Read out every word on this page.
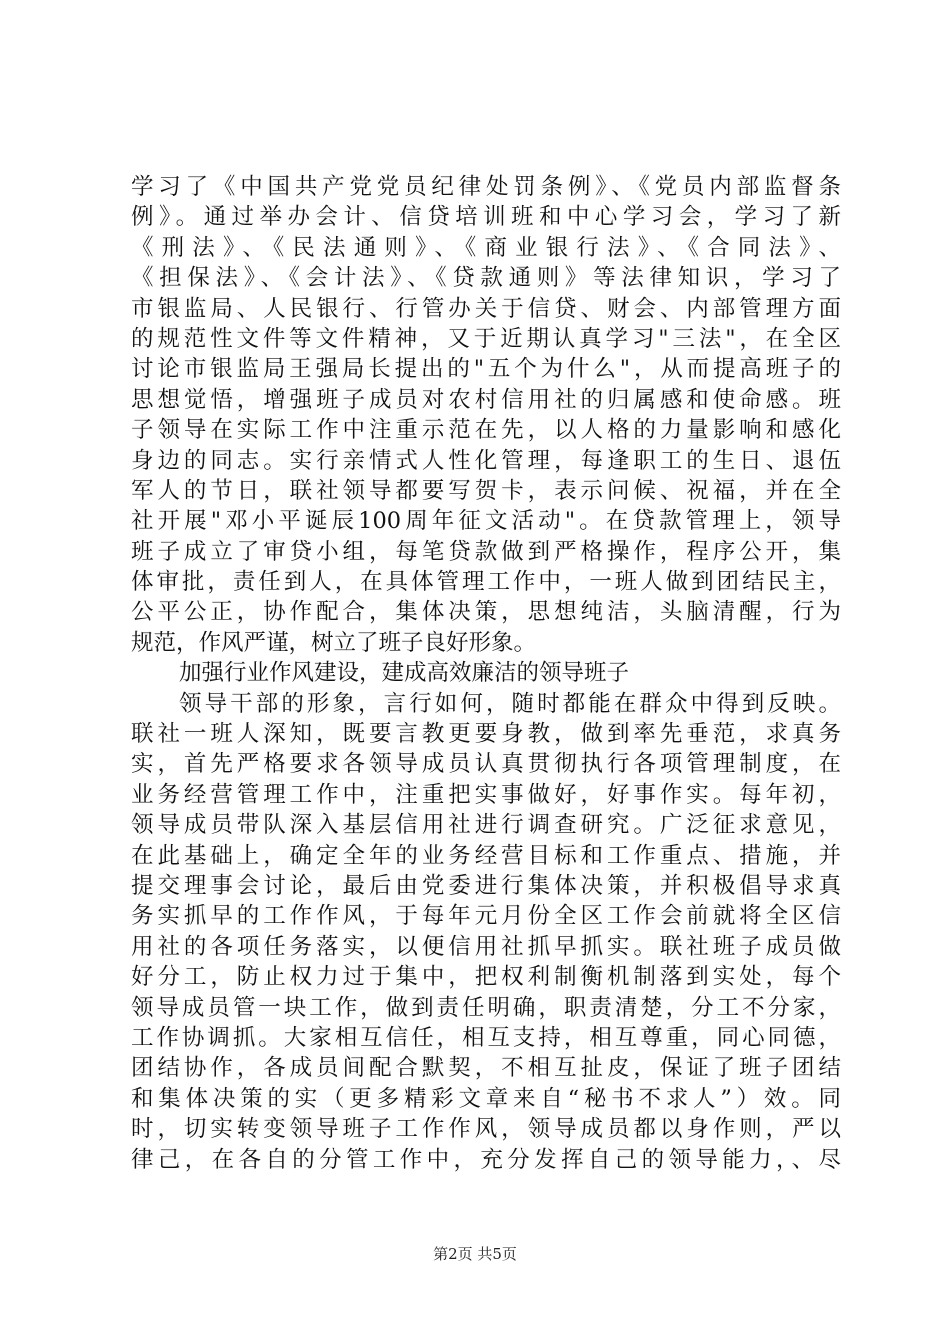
学习了《中国共产党党员纪律处罚条例》、《党员内部监督条
例》。通过举办会计、信贷培训班和中心学习会，学习了新
《刑法》、《民法通则》、《商业银行法》、《合同法》、
《担保法》、《会计法》、《贷款通则》等法律知识，学习了
市银监局、人民银行、行管办关于信贷、财会、内部管理方面
的规范性文件等文件精神，又于近期认真学习"三法"，在全区
讨论市银监局王强局长提出的"五个为什么"，从而提高班子的
思想觉悟，增强班子成员对农村信用社的归属感和使命感。班
子领导在实际工作中注重示范在先，以人格的力量影响和感化
身边的同志。实行亲情式人性化管理，每逢职工的生日、退伍
军人的节日，联社领导都要写贺卡，表示问候、祝福，并在全
社开展"邓小平诞辰100周年征文活动"。在贷款管理上，领导
班子成立了审贷小组，每笔贷款做到严格操作，程序公开，集
体审批，责任到人，在具体管理工作中，一班人做到团结民主，
公平公正，协作配合，集体决策，思想纯洁，头脑清醒，行为
规范，作风严谨，树立了班子良好形象。
加强行业作风建设，建成高效廉洁的领导班子
领导干部的形象，言行如何，随时都能在群众中得到反映。
联社一班人深知，既要言教更要身教，做到率先垂范，求真务
实，首先严格要求各领导成员认真贯彻执行各项管理制度，在
业务经营管理工作中，注重把实事做好，好事作实。每年初，
领导成员带队深入基层信用社进行调查研究。广泛征求意见，
在此基础上，确定全年的业务经营目标和工作重点、措施，并
提交理事会讨论，最后由党委进行集体决策，并积极倡导求真
务实抓早的工作作风，于每年元月份全区工作会前就将全区信
用社的各项任务落实，以便信用社抓早抓实。联社班子成员做
好分工，防止权力过于集中，把权利制衡机制落到实处，每个
领导成员管一块工作，做到责任明确，职责清楚，分工不分家，
工作协调抓。大家相互信任，相互支持，相互尊重，同心同德，
团结协作，各成员间配合默契，不相互扯皮，保证了班子团结
和集体决策的实（更多精彩文章来自“秘书不求人”）效。同
时，切实转变领导班子工作作风，领导成员都以身作则，严以
律己，在各自的分管工作中，充分发挥自己的领导能力，、尽
第2页 共5页
